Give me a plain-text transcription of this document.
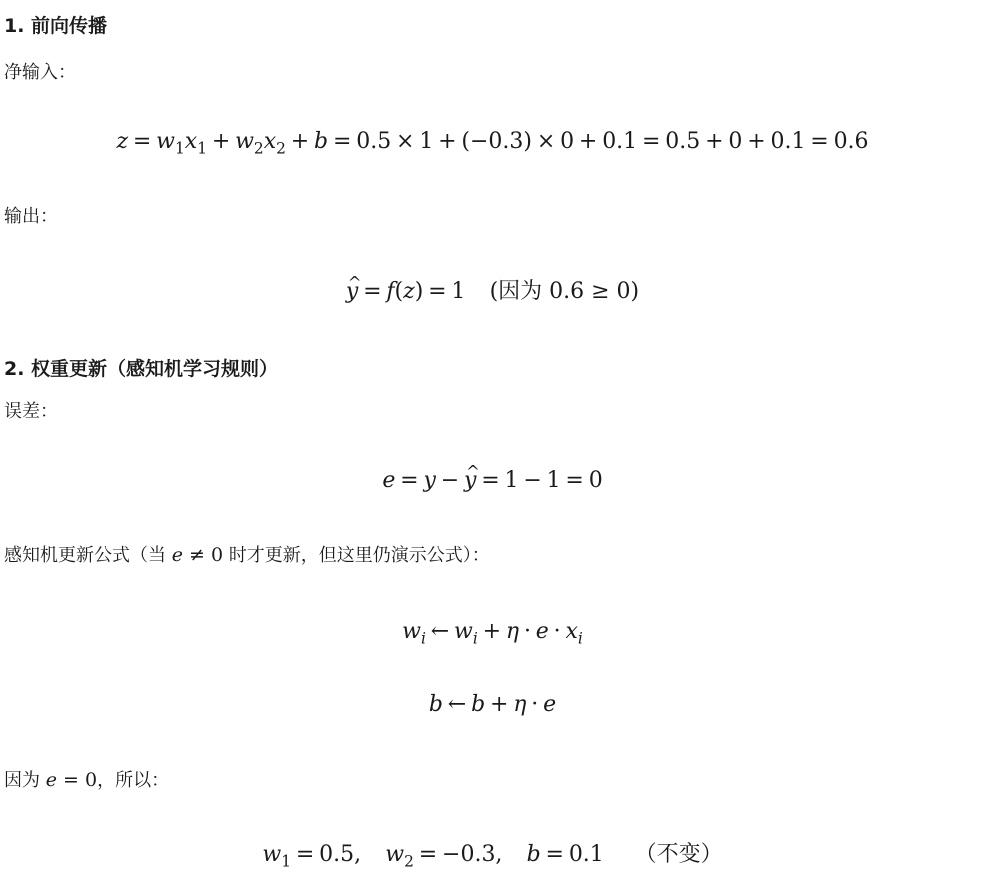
1. 前向传播
净输入：
$z = w_1x_1 + w_2x_2 + b = 0.5 \times 1 + (-0.3) \times 0 + 0.1 = 0.5 + 0 + 0.1 = 0.6$
输出：
^ y = f(z) = 1 (因为 0.6 ≥ 0)
2. 权重更新（感知机学习规则）
误差：
e = y −^ y = 1 − 1 = 0
感知机更新公式（当 e ≠ 0 时才更新，但这里仍演示公式）：
$w_i$ ← $w_i + \eta \cdot e \cdot x_i$
b ← b + η · e
因为 e = 0，所以：
$w_1 = 0.5$, $w_2 = -0.3$, b = 0.1 （不变）
